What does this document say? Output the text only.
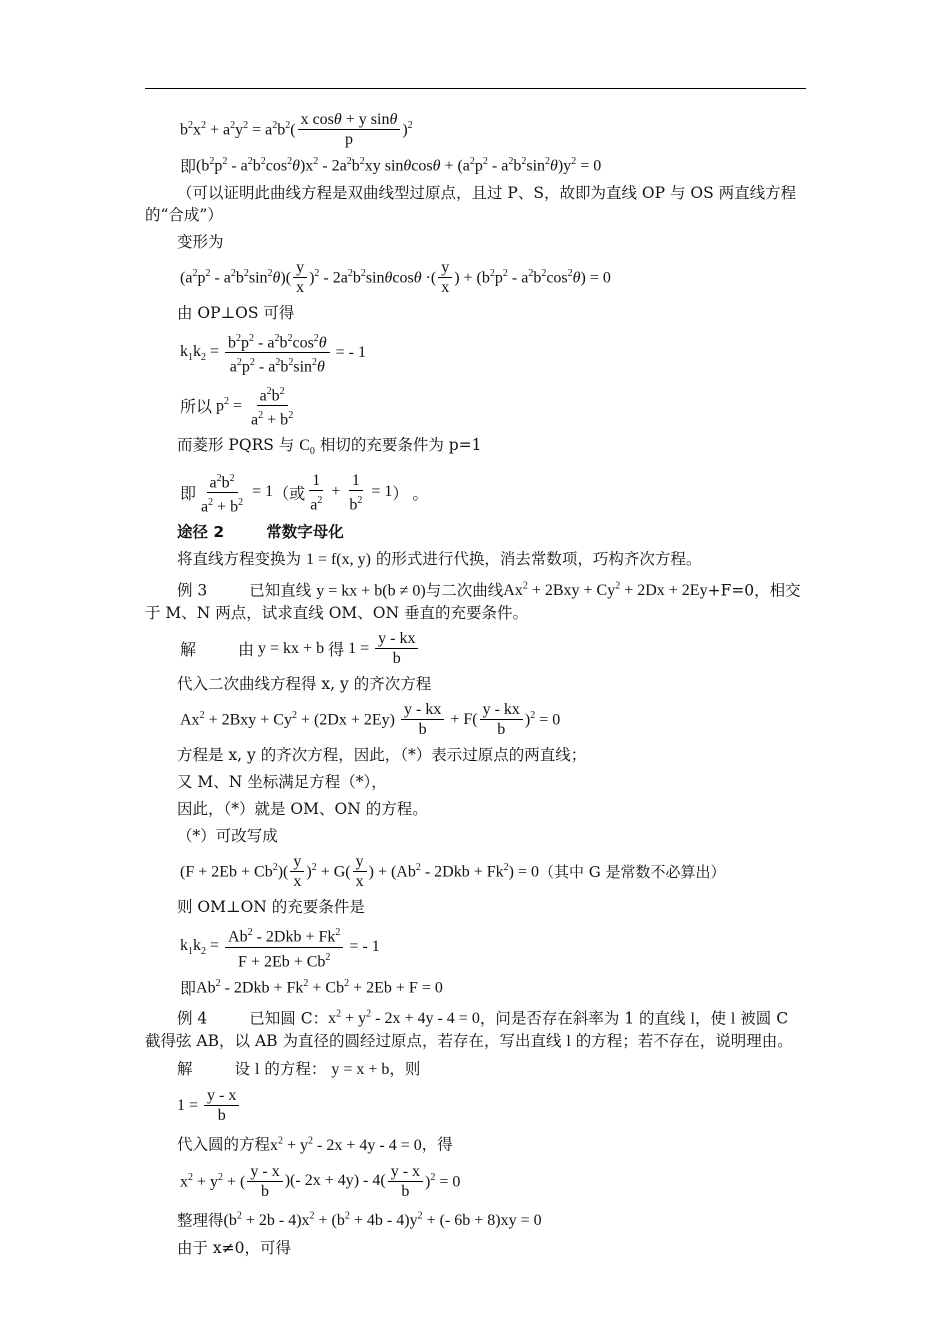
$b^2x^2 + a^2y^2 = a^2b^2$(
x cosθ + y sinθ
p
)$^2$
即 $(b^2p^2 - a^2b^2\cos^2\theta)x^2 - 2a^2b^2xy$ $\sin\theta\cos\theta + (a^2p^2 - a^2b^2\sin^2\theta)y^2 = 0$

（可以证明此曲线方程是双曲线型过原点，且过 P、S，故即为直线 OP 与 OS 两直线方程的“合成”）

变形为

$(a^2p^2 - a^2b^2\sin^2\theta)$(
y
x
)$^2 - 2a^2b^2\sin\theta\cos\theta$ ·(
y
x
) + $(b^2p^2 - a^2b^2\cos^2\theta) = 0$

由 OP⊥OS 可得

$k_1k_2 = \frac{b^2p^2 - a^2b^2\cos^2\theta}{a^2p^2 - a^2b^2\sin^2\theta}$ = - 1
所以 $p^2 = \frac{a^2b^2}{a^2 + b^2}$

而菱形 PQRS 与 $C_0$ 相切的充要条件为 p=1

即 $\frac{a^2b^2}{a^2 + b^2} = 1$ （或
1
$a^2 + \frac{1}{b^2} = 1$ ） 。

途径 2	常数字母化

将直线方程变换为 1 = f(x, y) 的形式进行代换，消去常数项，巧构齐次方程。

例 3	已知直线 y = kx + b(b ≠ 0)与二次曲线$Ax^2 + 2Bxy + Cy^2 + 2Dx + 2Ey+F=0$，相交于 M、N 两点，试求直线 OM、ON 垂直的充要条件。

解	由 y = kx + b 得 $1 = \frac{y - kx}{b}$

代入二次曲线方程得 x, y 的齐次方程

$Ax^2 + 2Bxy + Cy^2 + (2Dx + 2Ey)$
y - kx
b
+ F(
y - kx
b
)$^2$ = 0

方程是 x, y 的齐次方程，因此，（*）表示过原点的两直线；

又 M、N 坐标满足方程（*），

因此，（*）就是 OM、ON 的方程。

（*）可改写成

$(F + 2Eb + Cb^2)$(
y
x
)$^2$ + G(
y
x
) + $(Ab^2 - 2Dkb + Fk^2) = 0$ （其中 G 是常数不必算出）

则 OM⊥ON 的充要条件是

$k_1k_2 = Ab^2 - 2Dkb + Fk^2$
$F + 2Eb + Cb^2$
= - 1
即 $Ab^2 - 2Dkb + Fk^2 + Cb^2 + 2Eb + F = 0$

例 4	已知圆 C：$x^2 + y^2 - 2x + 4y - 4 = 0$，问是否存在斜率为 1 的直线 l，使 l 被圆 C 截得弦 AB，以 AB 为直径的圆经过原点，若存在，写出直线 l 的方程；若不存在，说明理由。

解	设 l 的方程： y = x + b，则

$1 = \frac{y - x}{b}$

代入圆的方程$x^2 + y^2 - 2x + 4y - 4 = 0$，得

$x^2 + y^2$ + (
y - x
b
)(- 2x + 4y) - 4(
y - x
b
)$^2$ = 0

整理得$(b^2 + 2b - 4)x^2 + (b^2 + 4b - 4)y^2$ + (- 6b + 8)xy = 0

由于 x≠0，可得
